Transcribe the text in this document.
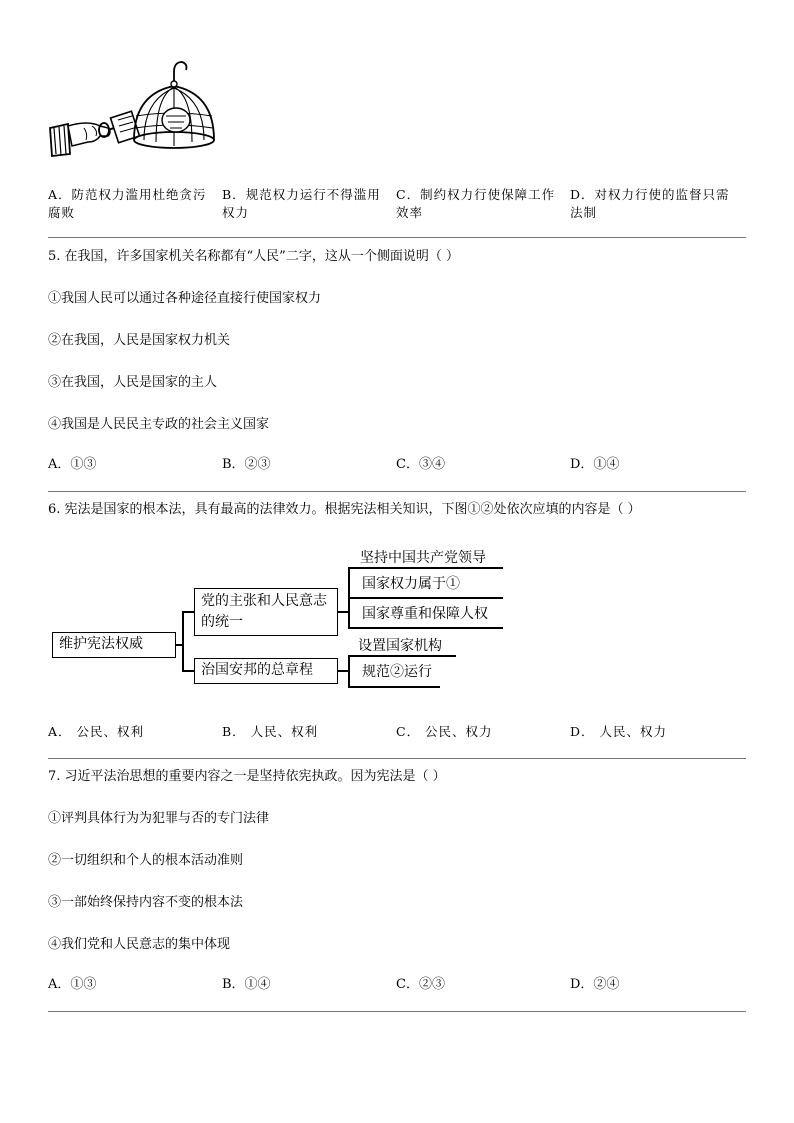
A．防范权力滥用杜绝贪污腐败
B．规范权力运行不得滥用权力
C．制约权力行使保障工作效率
D．对权力行使的监督只需法制
5. 在我国，许多国家机关名称都有“人民”二字，这从一个侧面说明（ ）
①我国人民可以通过各种途径直接行使国家权力
②在我国，人民是国家权力机关
③在我国，人民是国家的主人
④我国是人民民主专政的社会主义国家
A．①③	B．②③	C．③④	D．①④
6. 宪法是国家的根本法，具有最高的法律效力。根据宪法相关知识，下图①②处依次应填的内容是（ ）
维护宪法权威
党的主张和人民意志的统一
治国安邦的总章程
坚持中国共产党领导
国家权力属于①
国家尊重和保障人权
设置国家机构
规范②运行
A． 公民、权利	B． 人民、权利	C． 公民、权力	D． 人民、权力
7. 习近平法治思想的重要内容之一是坚持依宪执政。因为宪法是（ ）
①评判具体行为为犯罪与否的专门法律
②一切组织和个人的根本活动准则
③一部始终保持内容不变的根本法
④我们党和人民意志的集中体现
A．①③	B．①④	C．②③	D．②④
